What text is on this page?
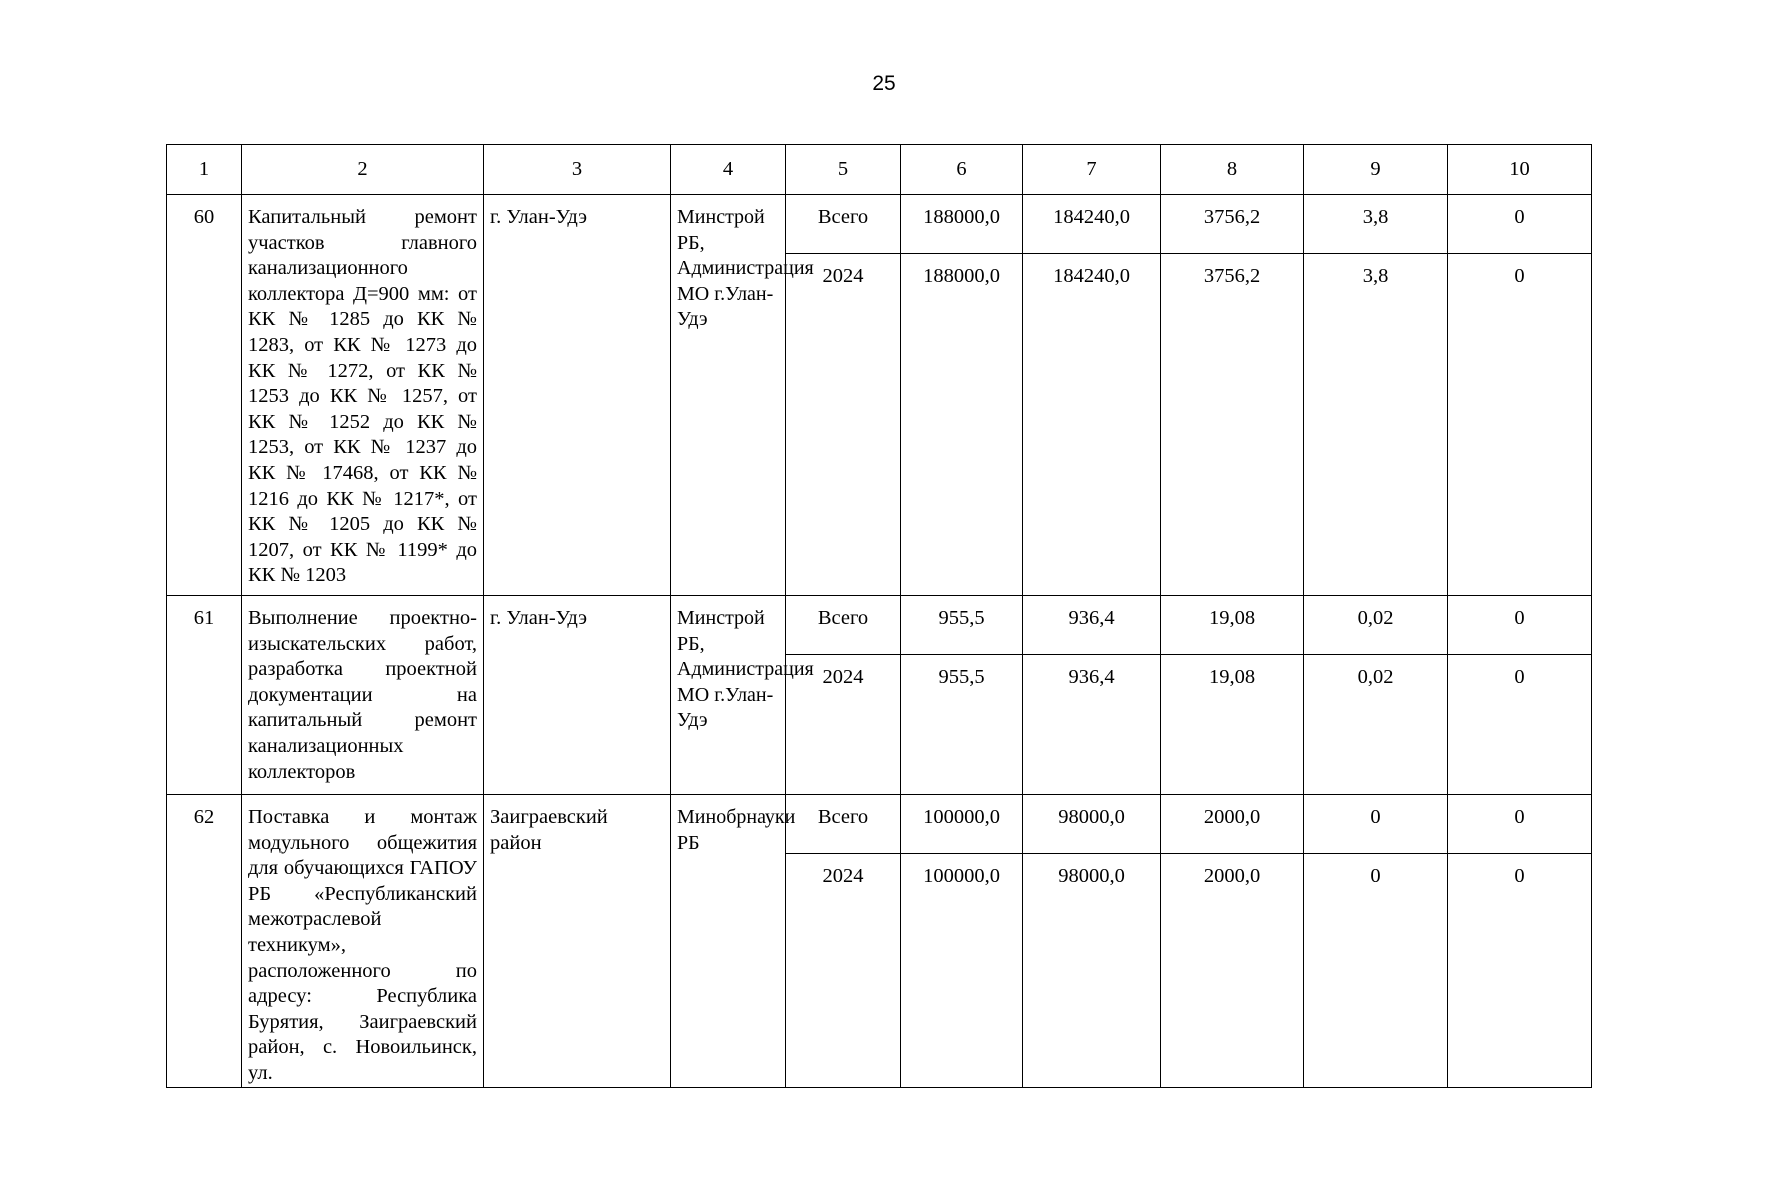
25
1	2	3	4	5	6	7	8	9	10
60	Капитальный ремонт участков главного канализационного коллектора Д=900 мм: от КК № 1285 до КК № 1283, от КК № 1273 до КК № 1272, от КК № 1253 до КК № 1257, от КК № 1252 до КК № 1253, от КК № 1237 до КК № 17468, от КК № 1216 до КК № 1217*, от КК № 1205 до КК № 1207, от КК № 1199* до КК № 1203	г. Улан-Удэ	Минстрой РБ, Администрация МО г.Улан-Удэ	Всего	188000,0	184240,0	3756,2	3,8	0
				2024	188000,0	184240,0	3756,2	3,8	0
61	Выполнение проектно-изыскательских работ, разработка проектной документации на капитальный ремонт канализационных коллекторов	г. Улан-Удэ	Минстрой РБ, Администрация МО г.Улан-Удэ	Всего	955,5	936,4	19,08	0,02	0
				2024	955,5	936,4	19,08	0,02	0
62	Поставка и монтаж модульного общежития для обучающихся ГАПОУ РБ «Республиканский межотраслевой техникум», расположенного по адресу: Республика Бурятия, Заиграевский район, с. Новоильинск, ул.	Заиграевский район	Минобрнауки РБ	Всего	100000,0	98000,0	2000,0	0	0
				2024	100000,0	98000,0	2000,0	0	0
